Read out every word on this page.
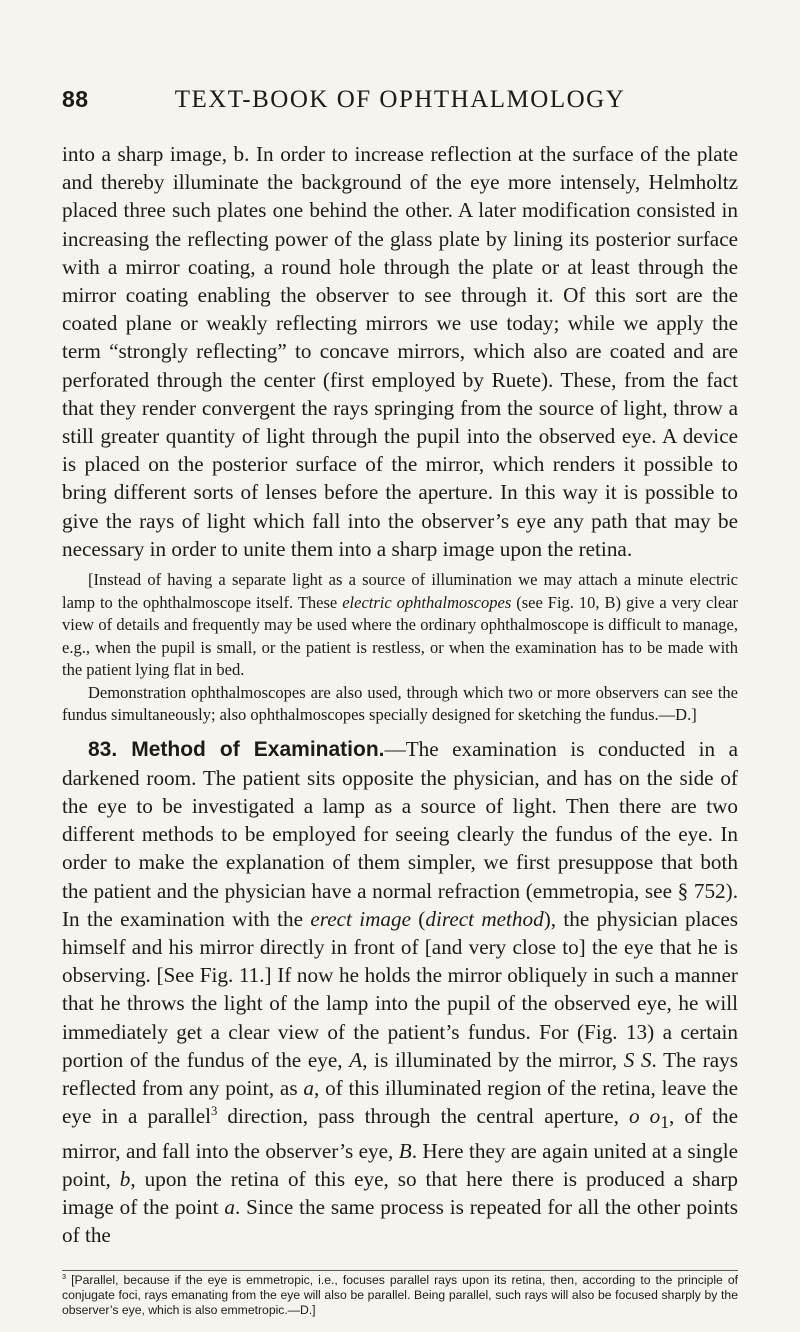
88	TEXT-BOOK OF OPHTHALMOLOGY

into a sharp image, b. In order to increase reflection at the surface of the plate and thereby illuminate the background of the eye more intensely, Helmholtz placed three such plates one behind the other. A later modification consisted in increasing the reflecting power of the glass plate by lining its posterior surface with a mirror coating, a round hole through the plate or at least through the mirror coating enabling the observer to see through it. Of this sort are the coated plane or weakly reflecting mirrors we use today; while we apply the term “strongly reflecting” to concave mirrors, which also are coated and are perforated through the center (first employed by Ruete). These, from the fact that they render convergent the rays springing from the source of light, throw a still greater quantity of light through the pupil into the observed eye. A device is placed on the posterior surface of the mirror, which renders it possible to bring different sorts of lenses before the aperture. In this way it is possible to give the rays of light which fall into the observer’s eye any path that may be necessary in order to unite them into a sharp image upon the retina.

[Instead of having a separate light as a source of illumination we may attach a minute electric lamp to the ophthalmoscope itself. These electric ophthalmoscopes (see Fig. 10, B) give a very clear view of details and frequently may be used where the ordinary ophthalmoscope is difficult to manage, e.g., when the pupil is small, or the patient is restless, or when the examination has to be made with the patient lying flat in bed.

Demonstration ophthalmoscopes are also used, through which two or more observers can see the fundus simultaneously; also ophthalmoscopes specially designed for sketching the fundus.—D.]

83. Method of Examination.—The examination is conducted in a darkened room. The patient sits opposite the physician, and has on the side of the eye to be investigated a lamp as a source of light. Then there are two different methods to be employed for seeing clearly the fundus of the eye. In order to make the explanation of them simpler, we first presuppose that both the patient and the physician have a normal refraction (emmetropia, see § 752). In the examination with the erect image (direct method), the physician places himself and his mirror directly in front of [and very close to] the eye that he is observing. [See Fig. 11.] If now he holds the mirror obliquely in such a manner that he throws the light of the lamp into the pupil of the observed eye, he will immediately get a clear view of the patient’s fundus. For (Fig. 13) a certain portion of the fundus of the eye, A, is illuminated by the mirror, S S. The rays reflected from any point, as a, of this illuminated region of the retina, leave the eye in a parallel$^3$ direction, pass through the central aperture, o $o_1$, of the mirror, and fall into the observer’s eye, B. Here they are again united at a single point, b, upon the retina of this eye, so that here there is produced a sharp image of the point a. Since the same process is repeated for all the other points of the

$^3$ [Parallel, because if the eye is emmetropic, i.e., focuses parallel rays upon its retina, then, according to the principle of conjugate foci, rays emanating from the eye will also be parallel. Being parallel, such rays will also be focused sharply by the observer’s eye, which is also emmetropic.—D.]
